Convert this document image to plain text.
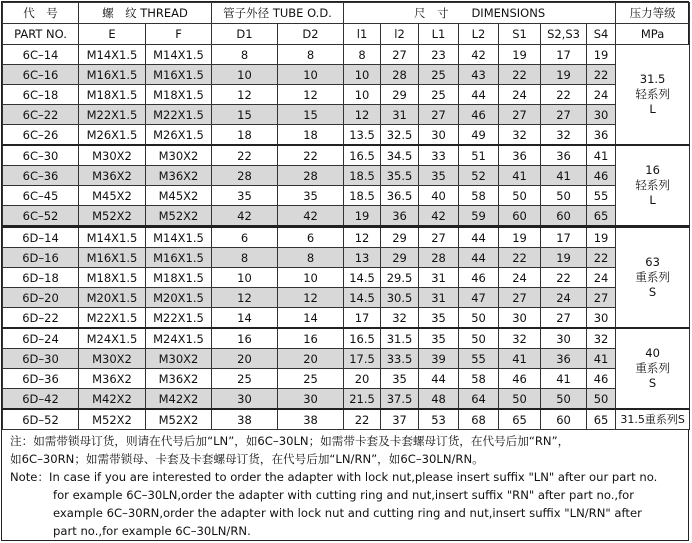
代　号	螺　纹 THREAD		管子外径 TUBE O.D.		尺　寸　　DIMENSIONS							压力等级
PART NO.	E	F	D1	D2	l1	l2	L1	L2	S1	S2,S3	S4	MPa
6C–14	M14X1.5	M14X1.5	8	8	8	27	23	42	19	17	19	31.5
轻系列
L

6C–16	M16X1.5	M16X1.5	10	10	10	28	25	43	22	19	22	
6C–18	M18X1.5	M18X1.5	12	12	10	29	25	44	24	22	24	
6C–22	M22X1.5	M22X1.5	15	15	12	31	27	46	27	27	30	
6C–26	M26X1.5	M26X1.5	18	18	13.5	32.5	30	49	32	32	36	
6C–30	M30X2	M30X2	22	22	16.5	34.5	33	51	36	36	41	16
轻系列
L

6C–36	M36X2	M36X2	28	28	18.5	35.5	35	52	41	41	46	
6C–45	M45X2	M45X2	35	35	18.5	36.5	40	58	50	50	55	
6C–52	M52X2	M52X2	42	42	19	36	42	59	60	60	65	
6D–14	M14X1.5	M14X1.5	6	6	12	29	27	44	19	17	19	63
重系列
S

6D–16	M16X1.5	M16X1.5	8	8	13	29	28	44	22	19	22	
6D–18	M18X1.5	M18X1.5	10	10	14.5	29.5	31	46	24	22	24	
6D–20	M20X1.5	M20X1.5	12	12	14.5	30.5	31	47	27	24	27	
6D–22	M22X1.5	M22X1.5	14	14	17	32	35	50	30	27	30	
6D–24	M24X1.5	M24X1.5	16	16	16.5	31.5	35	50	32	30	32	40
重系列
S

6D–30	M30X2	M30X2	20	20	17.5	33.5	39	55	41	36	41	
6D–36	M36X2	M36X2	25	25	20	35	44	58	46	41	46	
6D–42	M42X2	M42X2	30	30	21.5	37.5	48	64	50	50	50	
6D–52	M52X2	M52X2	38	38	22	37	53	68	65	60	65	31.5重系列S
注：如需带锁母订货，则请在代号后加“LN”，如6C–30LN；如需带卡套及卡套螺母订货，在代号后加“RN”，
如6C–30RN；如需带锁母、卡套及卡套螺母订货，在代号后加“LN/RN”，如6C–30LN/RN。
Note：In case if you are interested to order the adapter with lock nut,please insert suffix "LN" after our part no.
for example 6C–30LN,order the adapter with cutting ring and nut,insert suffix "RN" after part no.,for
example 6C–30RN,order the adapter with lock nut and cutting ring and nut,insert suffix "LN/RN" after
part no.,for example 6C–30LN/RN.
